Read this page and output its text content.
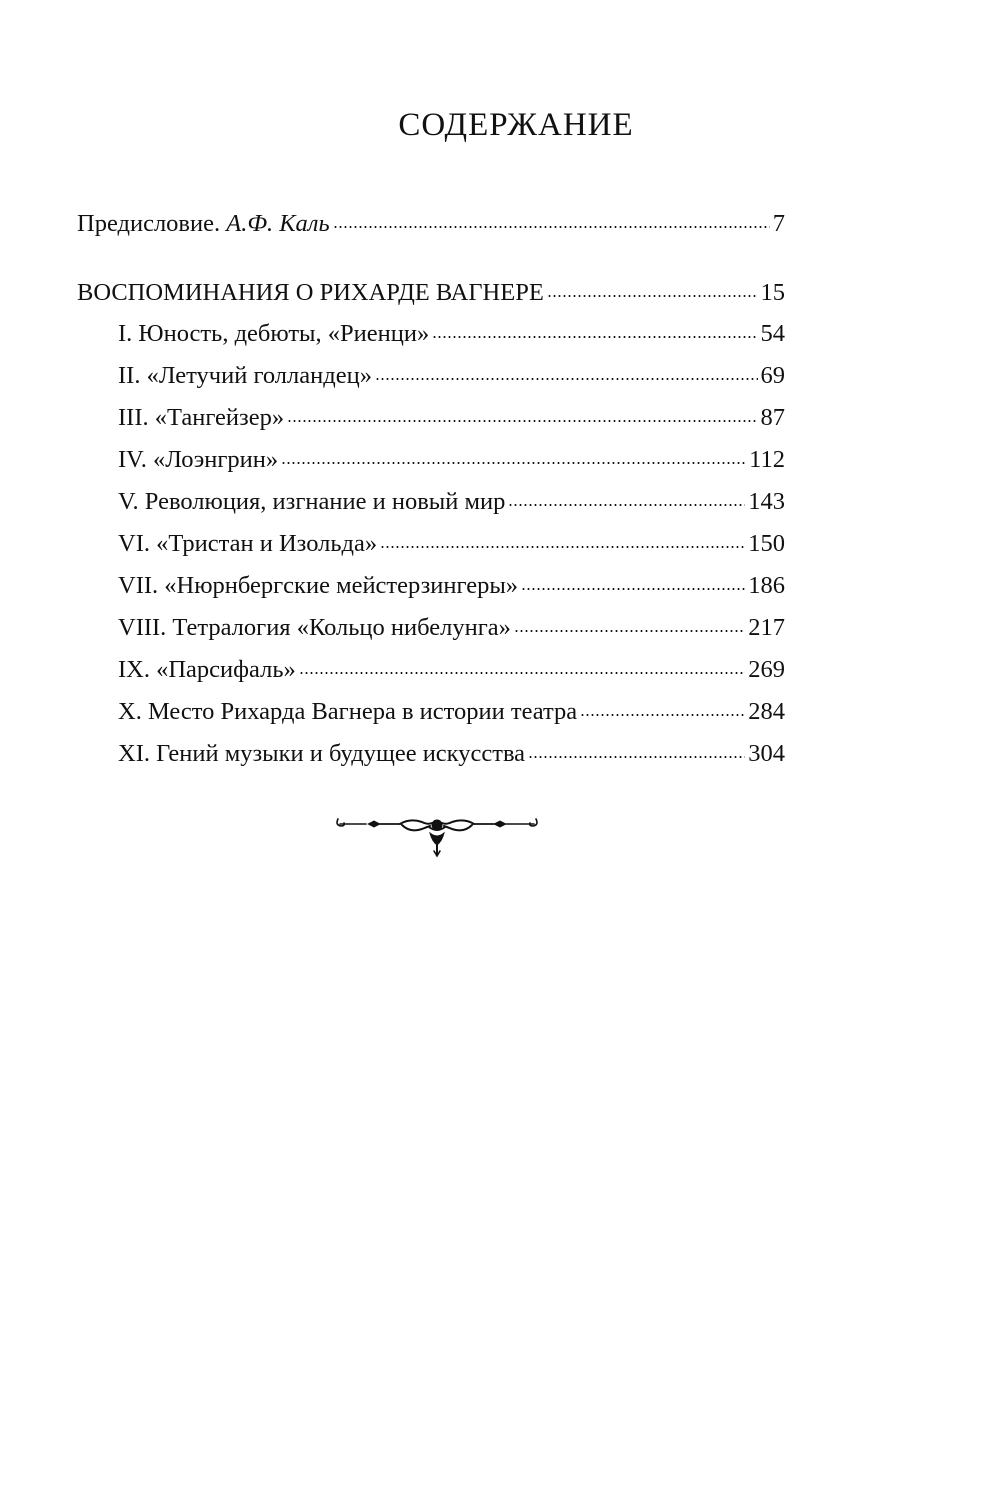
СОДЕРЖАНИЕ
Предисловие. А.Ф. Каль	7
ВОСПОМИНАНИЯ О РИХАРДЕ ВАГНЕРЕ	15
I. Юность, дебюты, «Риенци»	54
II. «Летучий голландец»	69
III. «Тангейзер»	87
IV. «Лоэнгрин»	112
V. Революция, изгнание и новый мир	143
VI. «Тристан и Изольда»	150
VII. «Нюрнбергские мейстерзингеры»	186
VIII. Тетралогия «Кольцо нибелунга»	217
IX. «Парсифаль»	269
X. Место Рихарда Вагнера в истории театра	284
XI. Гений музыки и будущее искусства	304
